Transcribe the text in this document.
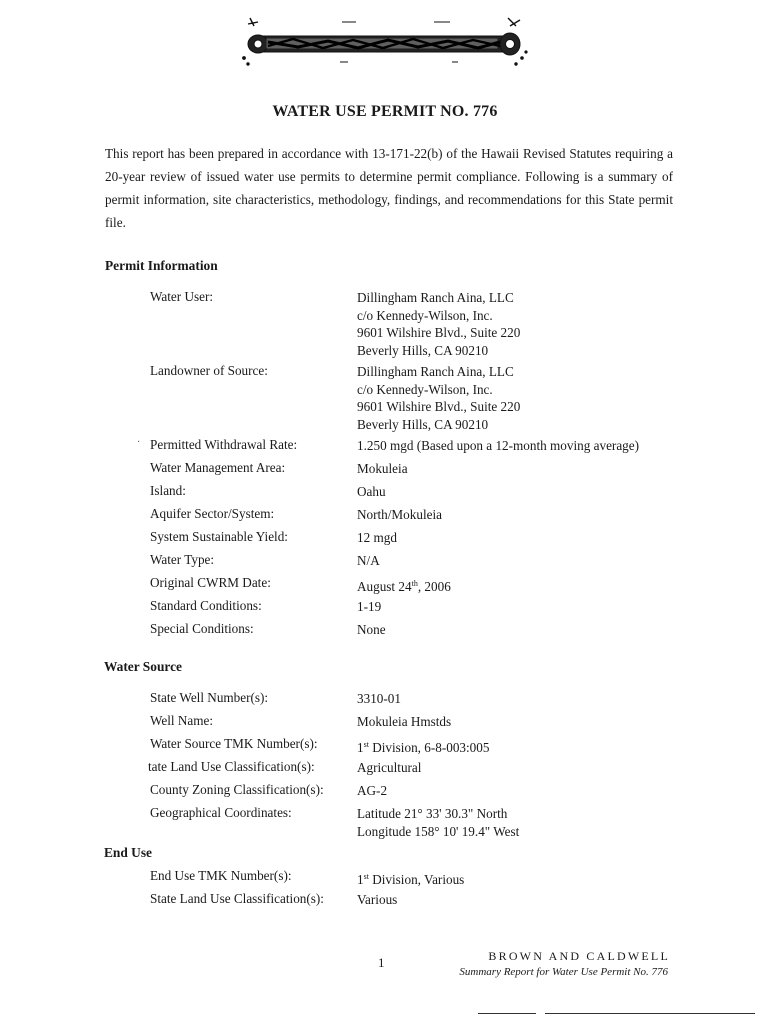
WATER USE PERMIT NO. 776
This report has been prepared in accordance with 13-171-22(b) of the Hawaii Revised Statutes requiring a 20-year review of issued water use permits to determine permit compliance. Following is a summary of permit information, site characteristics, methodology, findings, and recommendations for this State permit file.
Permit Information
Water User:	Dillingham Ranch Aina, LLC
c/o Kennedy-Wilson, Inc.
9601 Wilshire Blvd., Suite 220
Beverly Hills, CA 90210
Landowner of Source:	Dillingham Ranch Aina, LLC
c/o Kennedy-Wilson, Inc.
9601 Wilshire Blvd., Suite 220
Beverly Hills, CA 90210
· Permitted Withdrawal Rate:	1.250 mgd (Based upon a 12-month moving average)
Water Management Area:	Mokuleia
Island:	Oahu
Aquifer Sector/System:	North/Mokuleia
System Sustainable Yield:	12 mgd
Water Type:	N/A
Original CWRM Date:	August 24th, 2006
Standard Conditions:	1-19
Special Conditions:	None
Water Source
State Well Number(s):	3310-01
Well Name:	Mokuleia Hmstds
Water Source TMK Number(s):	1st Division, 6-8-003:005
tate Land Use Classification(s):	Agricultural
County Zoning Classification(s):	AG-2
Geographical Coordinates:	Latitude 21° 33' 30.3" North
Longitude 158° 10' 19.4" West
End Use
End Use TMK Number(s):	1st Division, Various
State Land Use Classification(s):	Various
1	BROWN AND CALDWELL
Summary Report for Water Use Permit No. 776
